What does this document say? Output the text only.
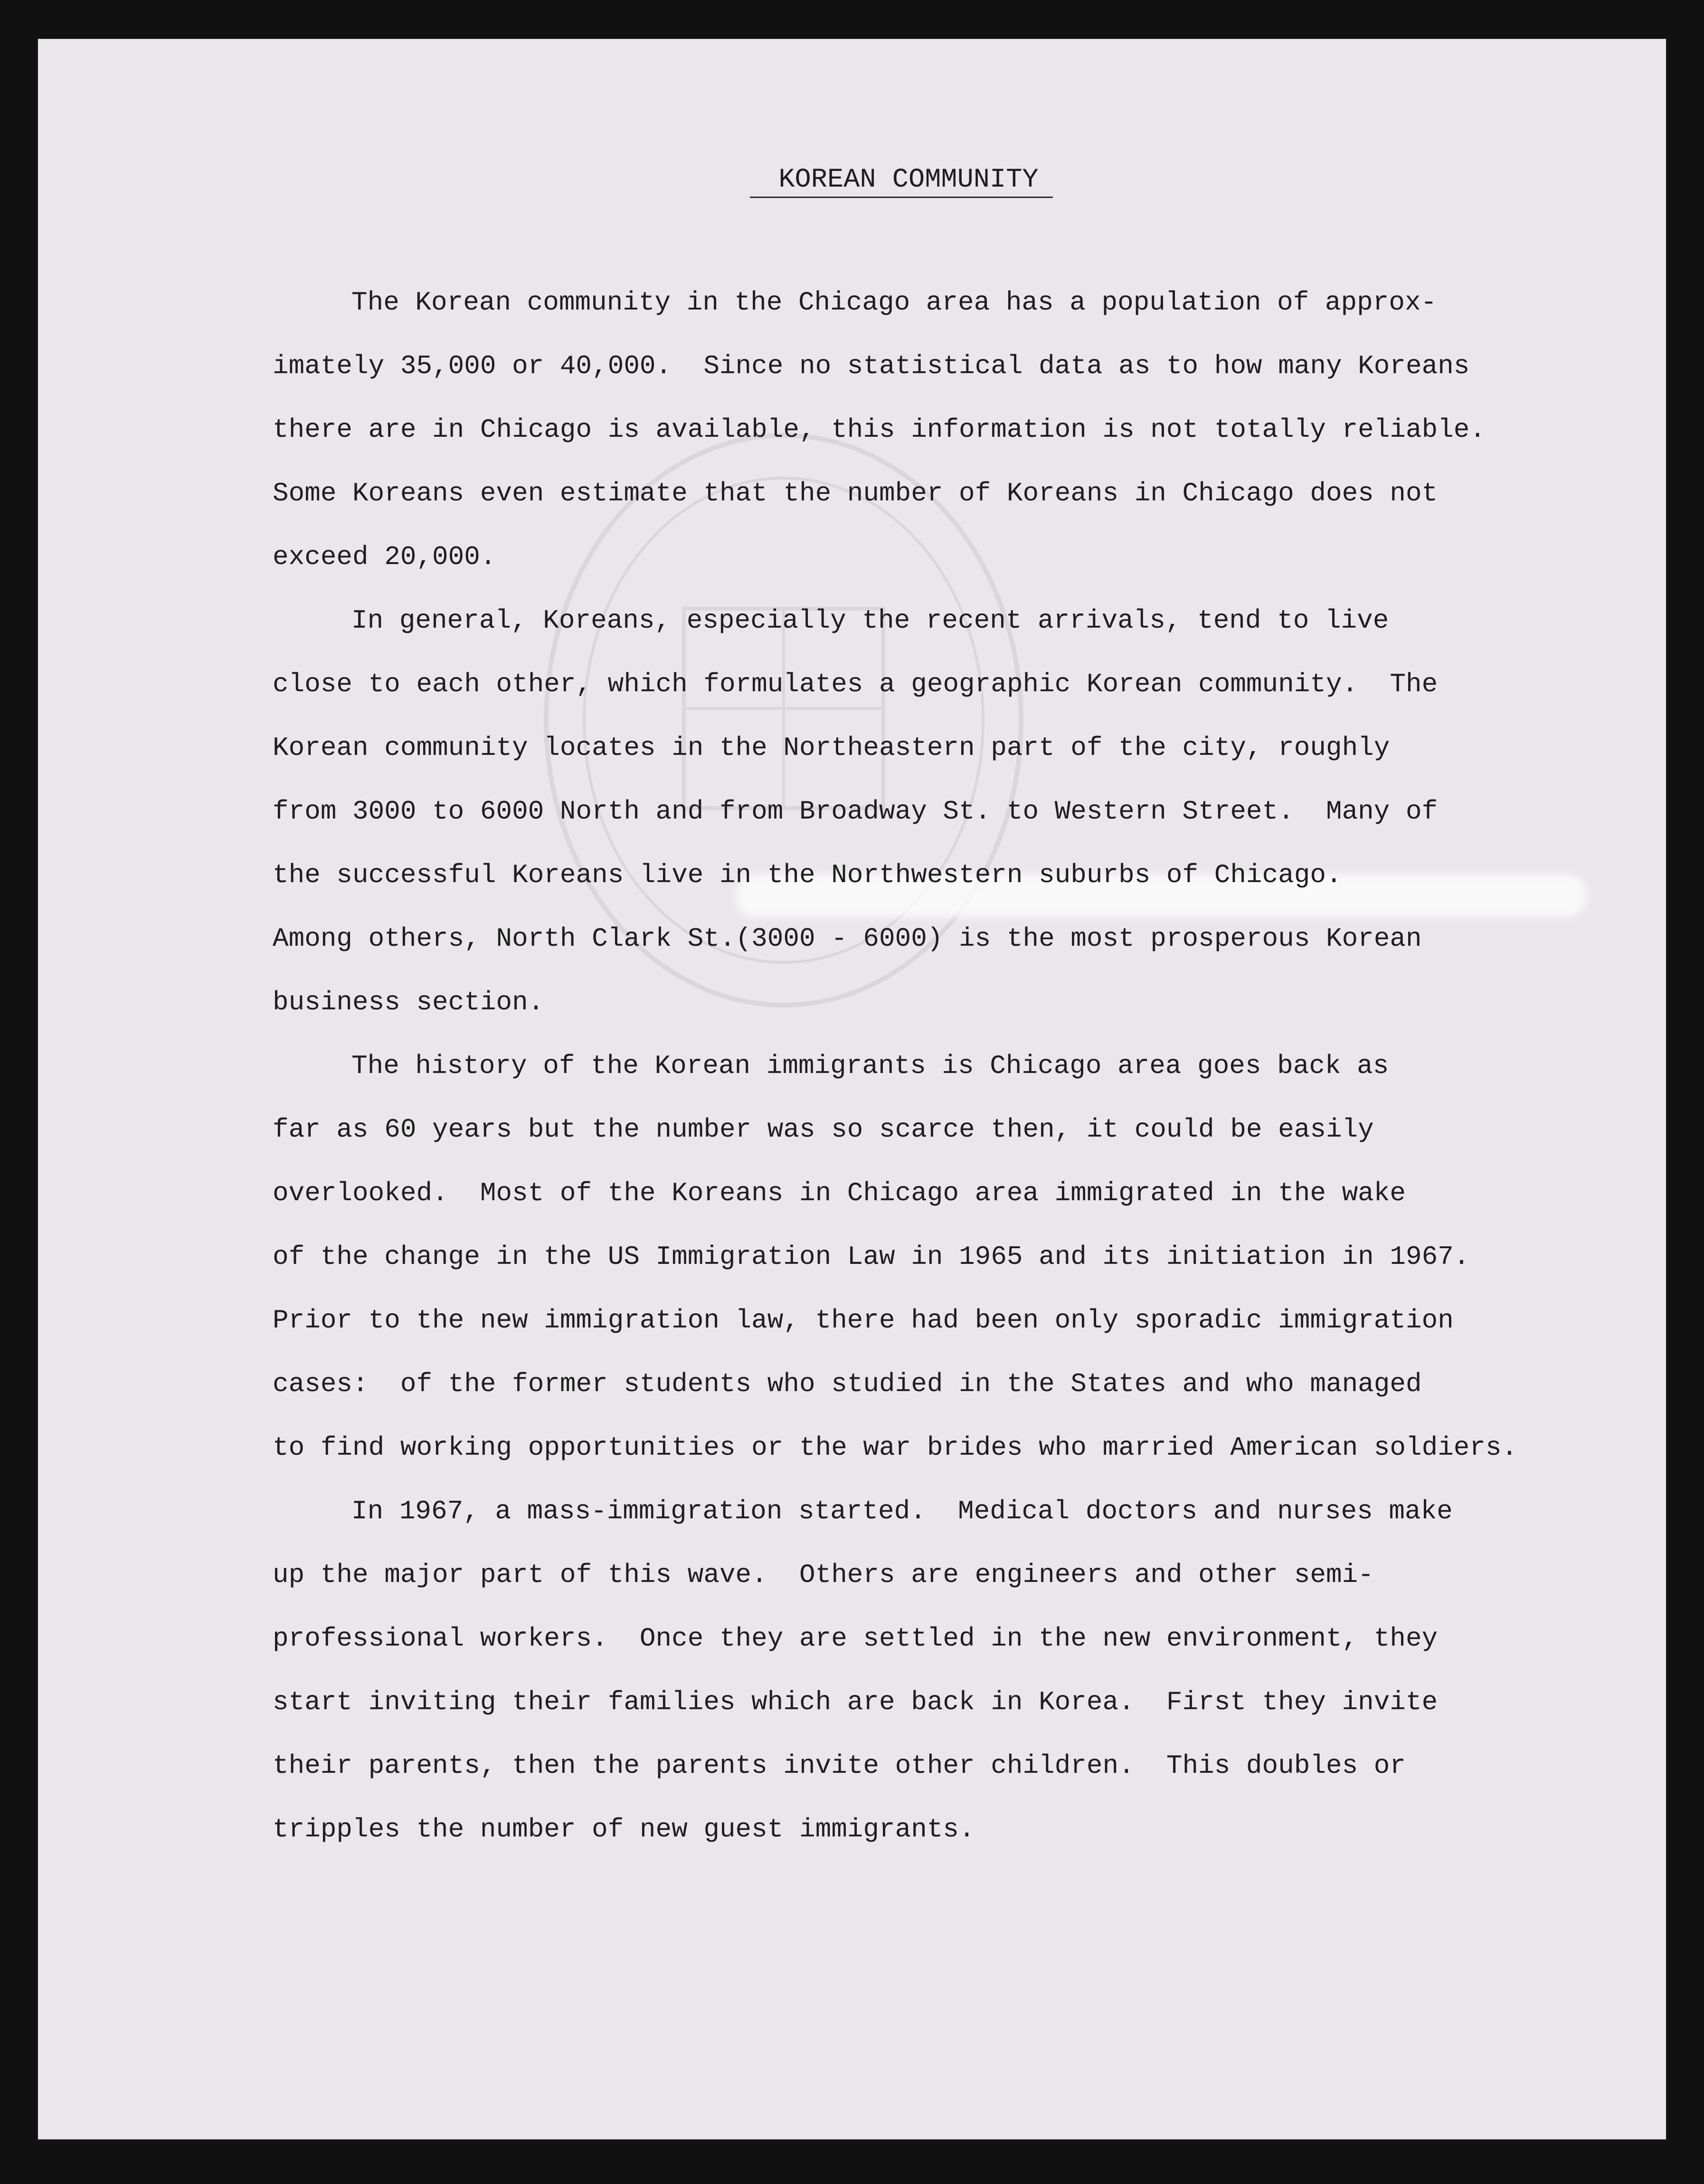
KOREAN COMMUNITY
The Korean community in the Chicago area has a population of approx-
imately 35,000 or 40,000.  Since no statistical data as to how many Koreans
there are in Chicago is available, this information is not totally reliable.
Some Koreans even estimate that the number of Koreans in Chicago does not
exceed 20,000.
In general, Koreans, especially the recent arrivals, tend to live
close to each other, which formulates a geographic Korean community.  The
Korean community locates in the Northeastern part of the city, roughly
from 3000 to 6000 North and from Broadway St. to Western Street.  Many of
the successful Koreans live in the Northwestern suburbs of Chicago.
Among others, North Clark St.(3000 - 6000) is the most prosperous Korean
business section.
The history of the Korean immigrants is Chicago area goes back as
far as 60 years but the number was so scarce then, it could be easily
overlooked.  Most of the Koreans in Chicago area immigrated in the wake
of the change in the US Immigration Law in 1965 and its initiation in 1967.
Prior to the new immigration law, there had been only sporadic immigration
cases:  of the former students who studied in the States and who managed
to find working opportunities or the war brides who married American soldiers.
In 1967, a mass-immigration started.  Medical doctors and nurses make
up the major part of this wave.  Others are engineers and other semi-
professional workers.  Once they are settled in the new environment, they
start inviting their families which are back in Korea.  First they invite
their parents, then the parents invite other children.  This doubles or
tripples the number of new guest immigrants.
